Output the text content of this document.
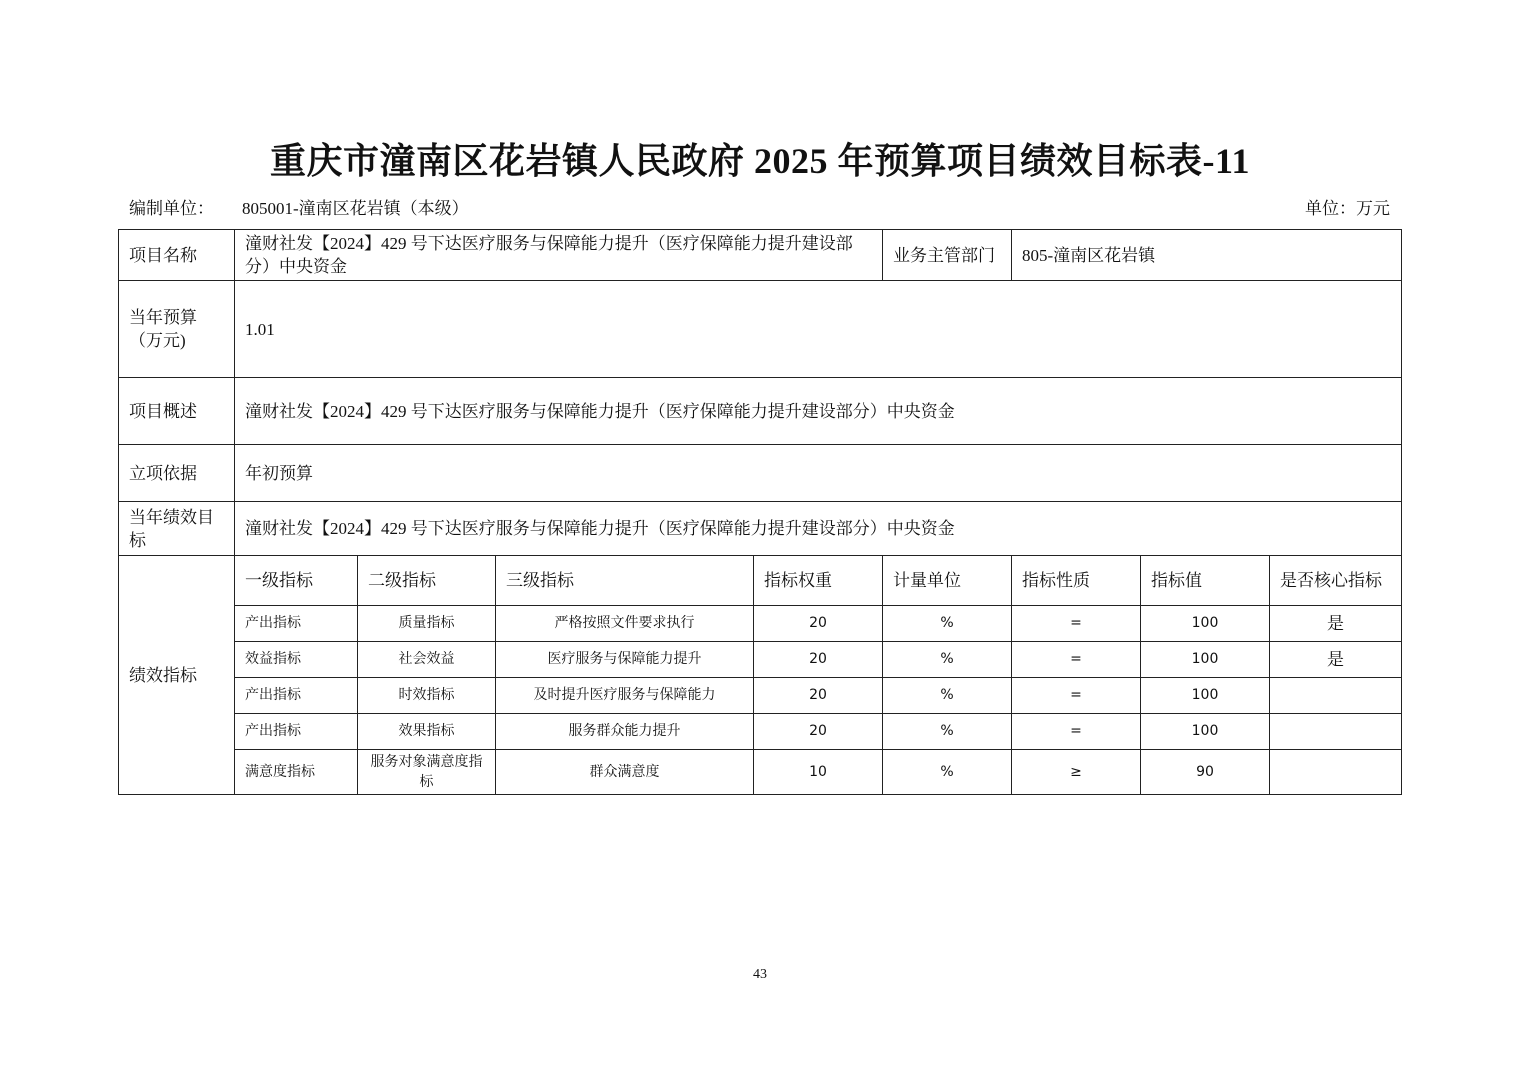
重庆市潼南区花岩镇人民政府 2025 年预算项目绩效目标表-11
编制单位： 805001-潼南区花岩镇（本级）	单位：万元
项目名称	潼财社发【2024】429 号下达医疗服务与保障能力提升（医疗保障能力提升建设部分）中央资金				业务主管部门	805-潼南区花岩镇		
当年预算（万元)	1.01							
项目概述	潼财社发【2024】429 号下达医疗服务与保障能力提升（医疗保障能力提升建设部分）中央资金							
立项依据	年初预算							
当年绩效目标	潼财社发【2024】429 号下达医疗服务与保障能力提升（医疗保障能力提升建设部分）中央资金							
绩效指标	一级指标	二级指标	三级指标	指标权重	计量单位	指标性质	指标值	是否核心指标
	产出指标	质量指标	严格按照文件要求执行	20	%	=	100	是
	效益指标	社会效益	医疗服务与保障能力提升	20	%	=	100	是
	产出指标	时效指标	及时提升医疗服务与保障能力	20	%	=	100	
	产出指标	效果指标	服务群众能力提升	20	%	=	100	
	满意度指标	服务对象满意度指标	群众满意度	10	%	≥	90	
43
